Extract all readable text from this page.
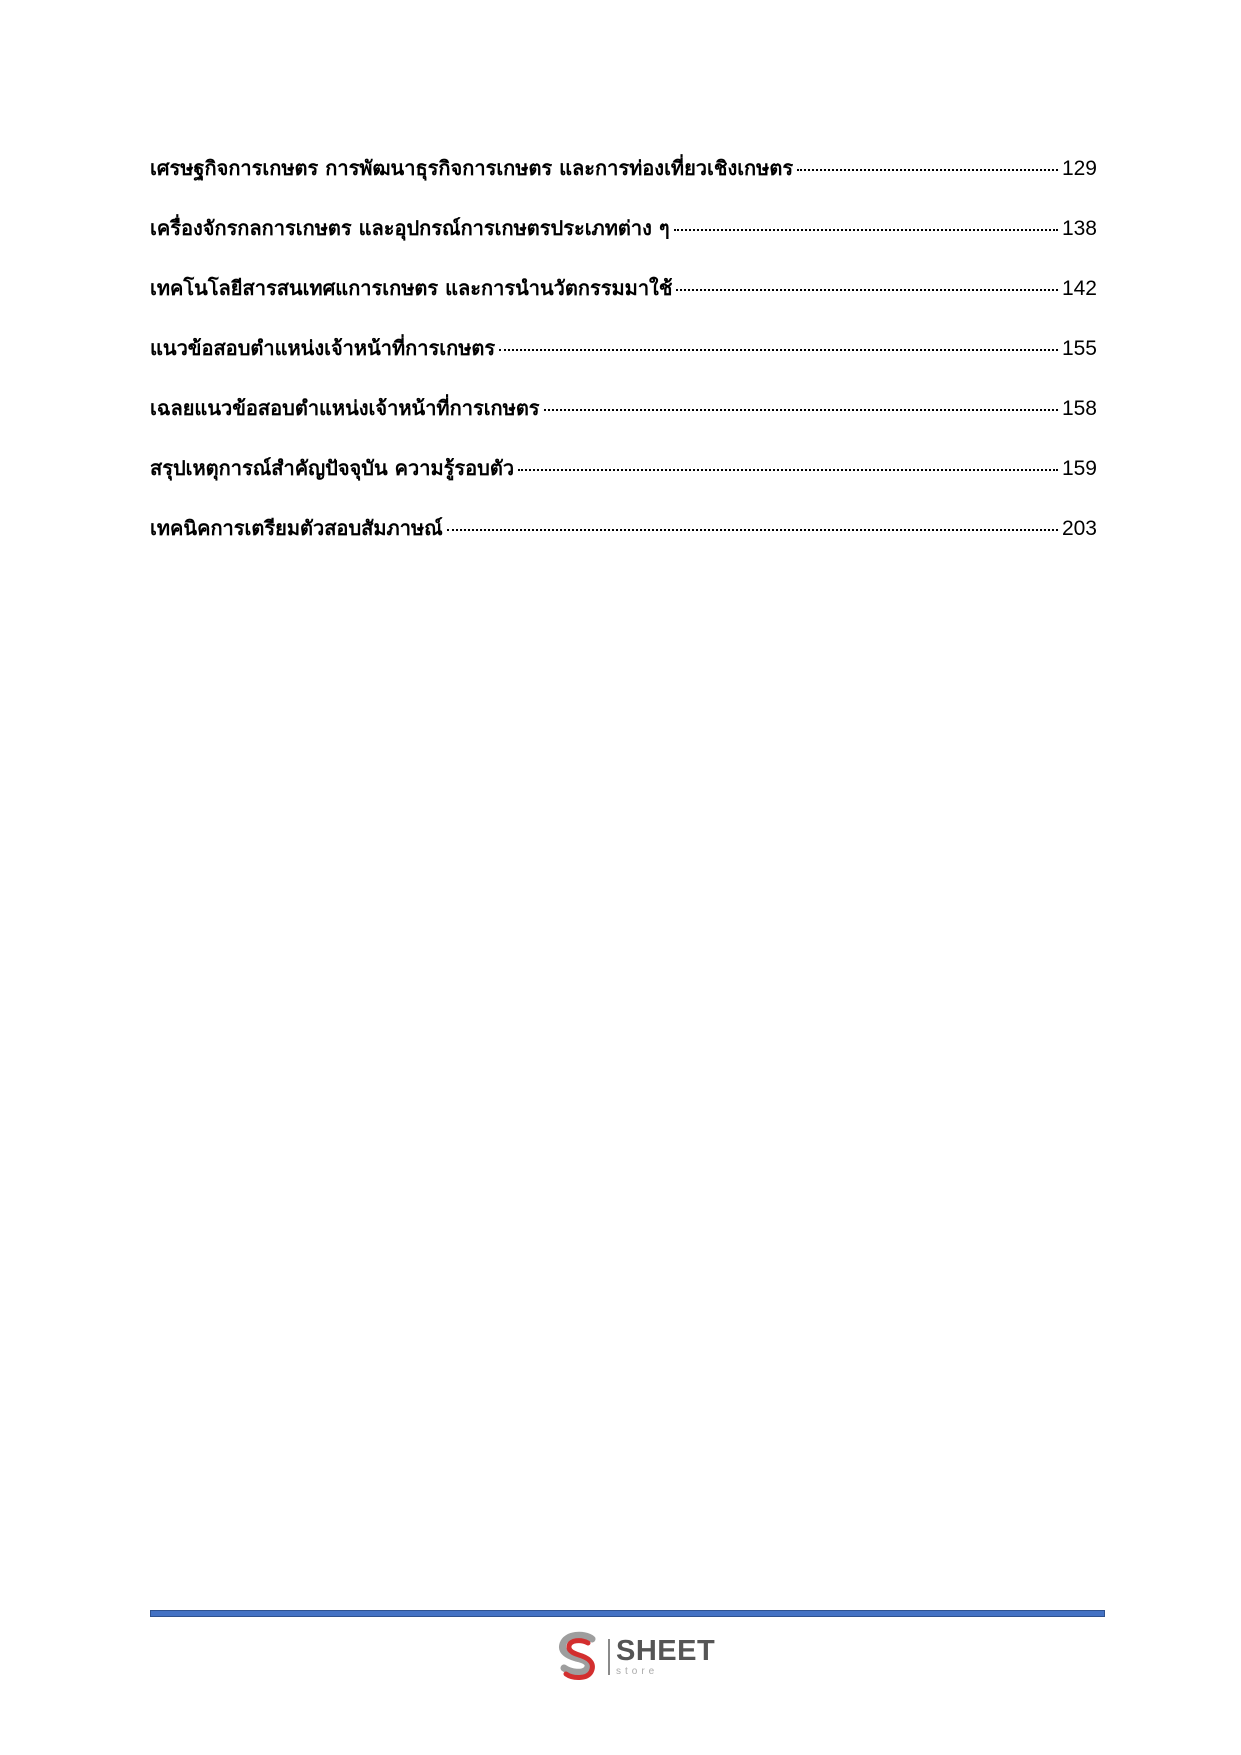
เศรษฐกิจการเกษตร การพัฒนาธุรกิจการเกษตร และการท่องเที่ยวเชิงเกษตร	129
เครื่องจักรกลการเกษตร และอุปกรณ์การเกษตรประเภทต่าง ๆ	138
เทคโนโลยีสารสนเทศแการเกษตร และการนำนวัตกรรมมาใช้	142
แนวข้อสอบตำแหน่งเจ้าหน้าที่การเกษตร	155
เฉลยแนวข้อสอบตำแหน่งเจ้าหน้าที่การเกษตร	158
สรุปเหตุการณ์สำคัญปัจจุบัน ความรู้รอบตัว	159
เทคนิคการเตรียมตัวสอบสัมภาษณ์	203
SHEET
store
